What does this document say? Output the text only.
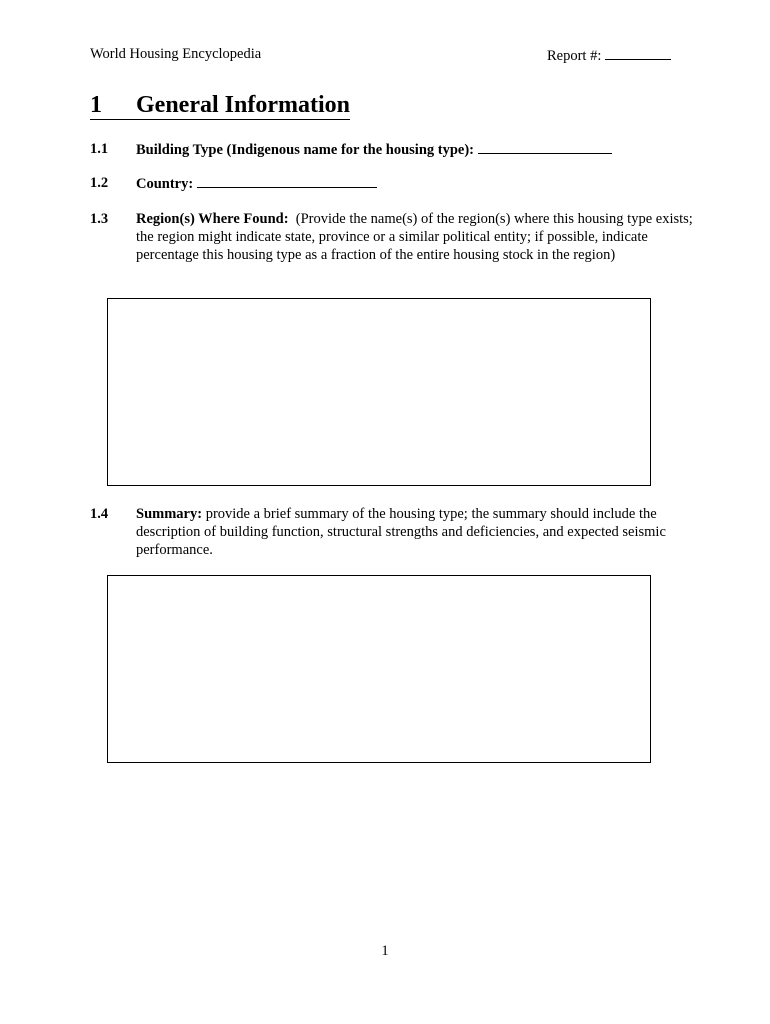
World Housing Encyclopedia	Report #:
1 General Information
1.1	Building Type (Indigenous name for the housing type):
1.2	Country:
1.3	Region(s) Where Found: (Provide the name(s) of the region(s) where this housing type exists; the region might indicate state, province or a similar political entity; if possible, indicate percentage this housing type as a fraction of the entire housing stock in the region)
1.4	Summary: provide a brief summary of the housing type; the summary should include the description of building function, structural strengths and deficiencies, and expected seismic performance.
1
